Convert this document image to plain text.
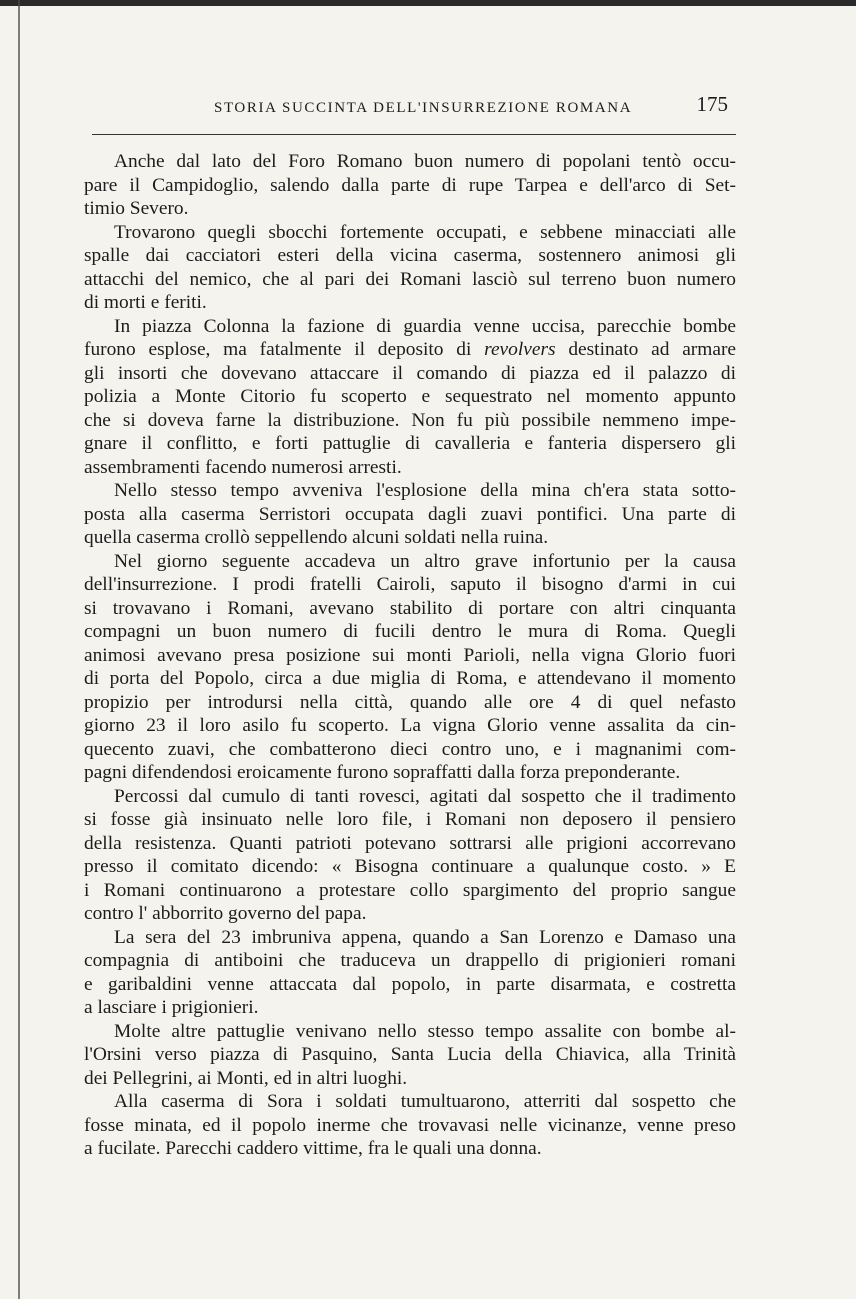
STORIA SUCCINTA DELL'INSURREZIONE ROMANA	175

Anche dal lato del Foro Romano buon numero di popolani tentò occu-
pare il Campidoglio, salendo dalla parte di rupe Tarpea e dell'arco di Set-
timio Severo.

Trovarono quegli sbocchi fortemente occupati, e sebbene minacciati alle
spalle dai cacciatori esteri della vicina caserma, sostennero animosi gli
attacchi del nemico, che al pari dei Romani lasciò sul terreno buon numero
di morti e feriti.

In piazza Colonna la fazione di guardia venne uccisa, parecchie bombe
furono esplose, ma fatalmente il deposito di revolvers destinato ad armare
gli insorti che dovevano attaccare il comando di piazza ed il palazzo di
polizia a Monte Citorio fu scoperto e sequestrato nel momento appunto
che si doveva farne la distribuzione. Non fu più possibile nemmeno impe-
gnare il conflitto, e forti pattuglie di cavalleria e fanteria dispersero gli
assembramenti facendo numerosi arresti.

Nello stesso tempo avveniva l'esplosione della mina ch'era stata sotto-
posta alla caserma Serristori occupata dagli zuavi pontifici. Una parte di
quella caserma crollò seppellendo alcuni soldati nella ruina.

Nel giorno seguente accadeva un altro grave infortunio per la causa
dell'insurrezione. I prodi fratelli Cairoli, saputo il bisogno d'armi in cui
si trovavano i Romani, avevano stabilito di portare con altri cinquanta
compagni un buon numero di fucili dentro le mura di Roma. Quegli
animosi avevano presa posizione sui monti Parioli, nella vigna Glorio fuori
di porta del Popolo, circa a due miglia di Roma, e attendevano il momento
propizio per introdursi nella città, quando alle ore 4 di quel nefasto
giorno 23 il loro asilo fu scoperto. La vigna Glorio venne assalita da cin-
quecento zuavi, che combatterono dieci contro uno, e i magnanimi com-
pagni difendendosi eroicamente furono sopraffatti dalla forza preponderante.

Percossi dal cumulo di tanti rovesci, agitati dal sospetto che il tradimento
si fosse già insinuato nelle loro file, i Romani non deposero il pensiero
della resistenza. Quanti patrioti potevano sottrarsi alle prigioni accorrevano
presso il comitato dicendo: « Bisogna continuare a qualunque costo. » E
i Romani continuarono a protestare collo spargimento del proprio sangue
contro l' abborrito governo del papa.

La sera del 23 imbruniva appena, quando a San Lorenzo e Damaso una
compagnia di antiboini che traduceva un drappello di prigionieri romani
e garibaldini venne attaccata dal popolo, in parte disarmata, e costretta
a lasciare i prigionieri.

Molte altre pattuglie venivano nello stesso tempo assalite con bombe al-
l'Orsini verso piazza di Pasquino, Santa Lucia della Chiavica, alla Trinità
dei Pellegrini, ai Monti, ed in altri luoghi.

Alla caserma di Sora i soldati tumultuarono, atterriti dal sospetto che
fosse minata, ed il popolo inerme che trovavasi nelle vicinanze, venne preso
a fucilate. Parecchi caddero vittime, fra le quali una donna.
